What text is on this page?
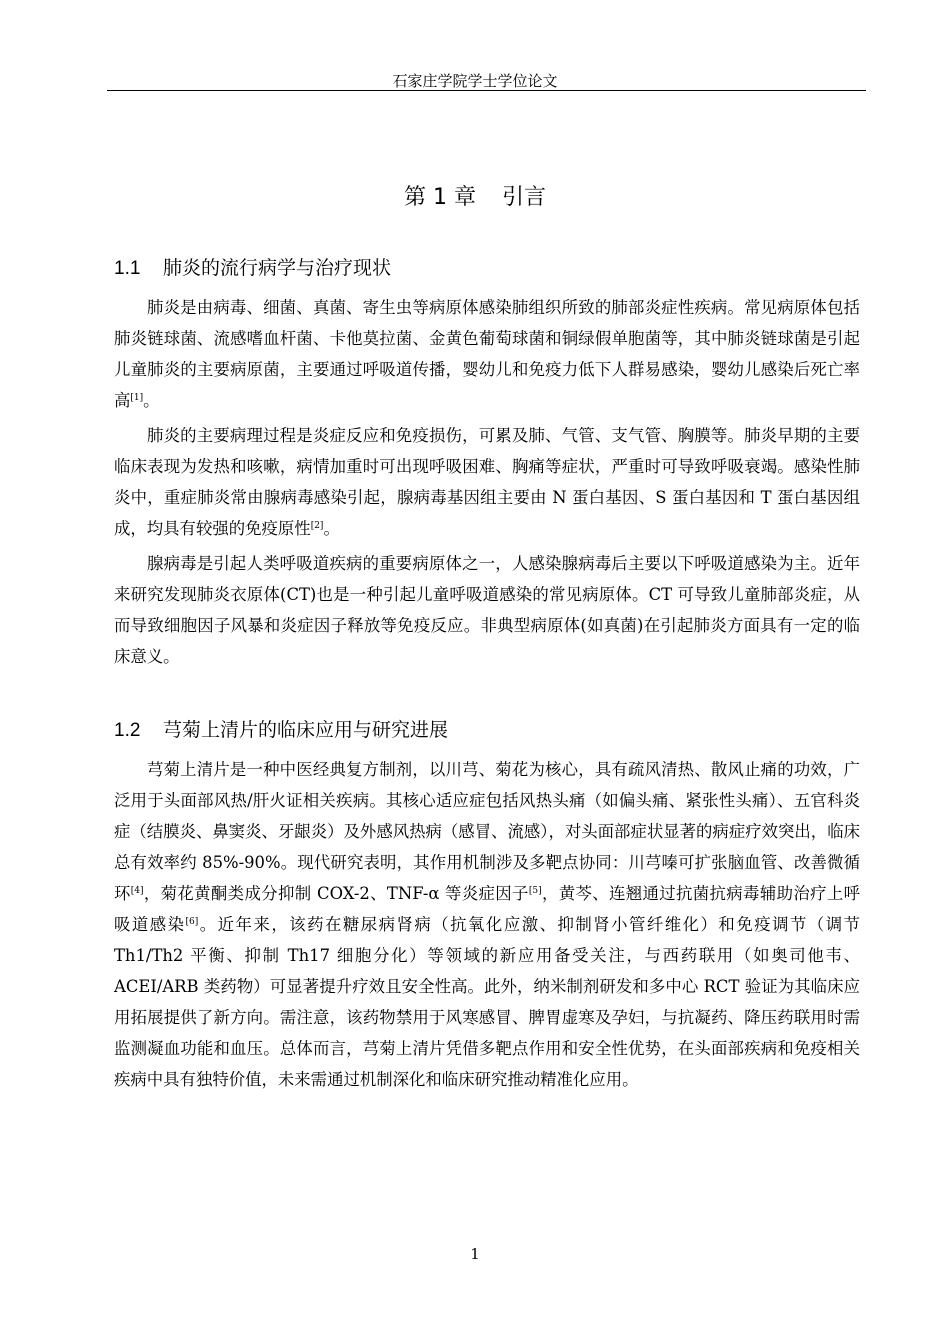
石家庄学院学士学位论文
第 1 章 引言
1.1 肺炎的流行病学与治疗现状

肺炎是由病毒、细菌、真菌、寄生虫等病原体感染肺组织所致的肺部炎症性疾病。常见病原体包括肺炎链球菌、流感嗜血杆菌、卡他莫拉菌、金黄色葡萄球菌和铜绿假单胞菌等，其中肺炎链球菌是引起儿童肺炎的主要病原菌，主要通过呼吸道传播，婴幼儿和免疫力低下人群易感染，婴幼儿感染后死亡率高[1]。

肺炎的主要病理过程是炎症反应和免疫损伤，可累及肺、气管、支气管、胸膜等。肺炎早期的主要临床表现为发热和咳嗽，病情加重时可出现呼吸困难、胸痛等症状，严重时可导致呼吸衰竭。感染性肺炎中，重症肺炎常由腺病毒感染引起，腺病毒基因组主要由 N 蛋白基因、S 蛋白基因和 T 蛋白基因组成，均具有较强的免疫原性[2]。

腺病毒是引起人类呼吸道疾病的重要病原体之一，人感染腺病毒后主要以下呼吸道感染为主。近年来研究发现肺炎衣原体(CT)也是一种引起儿童呼吸道感染的常见病原体。CT 可导致儿童肺部炎症，从而导致细胞因子风暴和炎症因子释放等免疫反应。非典型病原体(如真菌)在引起肺炎方面具有一定的临床意义。

1.2 芎菊上清片的临床应用与研究进展

芎菊上清片是一种中医经典复方制剂，以川芎、菊花为核心，具有疏风清热、散风止痛的功效，广泛用于头面部风热/肝火证相关疾病。其核心适应症包括风热头痛（如偏头痛、紧张性头痛）、五官科炎症（结膜炎、鼻窦炎、牙龈炎）及外感风热病（感冒、流感），对头面部症状显著的病症疗效突出，临床总有效率约 85%-90%。现代研究表明，其作用机制涉及多靶点协同：川芎嗪可扩张脑血管、改善微循环[4]，菊花黄酮类成分抑制 COX-2、TNF-α 等炎症因子[5]，黄芩、连翘通过抗菌抗病毒辅助治疗上呼吸道感染[6]。近年来，该药在糖尿病肾病（抗氧化应激、抑制肾小管纤维化）和免疫调节（调节 Th1/Th2 平衡、抑制 Th17 细胞分化）等领域的新应用备受关注，与西药联用（如奥司他韦、ACEI/ARB 类药物）可显著提升疗效且安全性高。此外，纳米制剂研发和多中心 RCT 验证为其临床应用拓展提供了新方向。需注意，该药物禁用于风寒感冒、脾胃虚寒及孕妇，与抗凝药、降压药联用时需监测凝血功能和血压。总体而言，芎菊上清片凭借多靶点作用和安全性优势，在头面部疾病和免疫相关疾病中具有独特价值，未来需通过机制深化和临床研究推动精准化应用。

1
